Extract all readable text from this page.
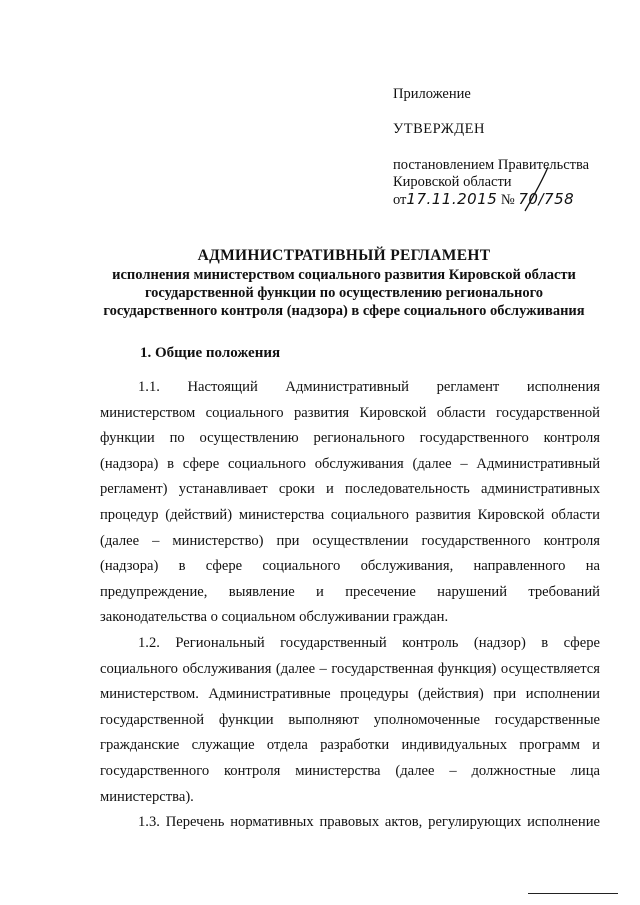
Приложение

УТВЕРЖДЕН

постановлением Правительства

Кировской области

от17.11.2015 № 70/758

АДМИНИСТРАТИВНЫЙ РЕГЛАМЕНТ
исполнения министерством социального развития Кировской области
государственной функции по осуществлению регионального
государственного контроля (надзора) в сфере социального обслуживания
1. Общие положения
1.1. Настоящий Административный регламент исполнения
министерством социального развития Кировской области государственной
функции по осуществлению регионального государственного контроля
(надзора) в сфере социального обслуживания (далее – Административный
регламент) устанавливает сроки и последовательность административных
процедур (действий) министерства социального развития Кировской области
(далее – министерство) при осуществлении государственного контроля
(надзора) в сфере социального обслуживания, направленного на
предупреждение, выявление и пресечение нарушений требований
законодательства о социальном обслуживании граждан.
1.2. Региональный государственный контроль (надзор) в сфере
социального обслуживания (далее – государственная функция) осуществляется
министерством. Административные процедуры (действия) при исполнении
государственной функции выполняют уполномоченные государственные
гражданские служащие отдела разработки индивидуальных программ и
государственного контроля министерства (далее – должностные лица
министерства).
1.3. Перечень нормативных правовых актов, регулирующих исполнение
